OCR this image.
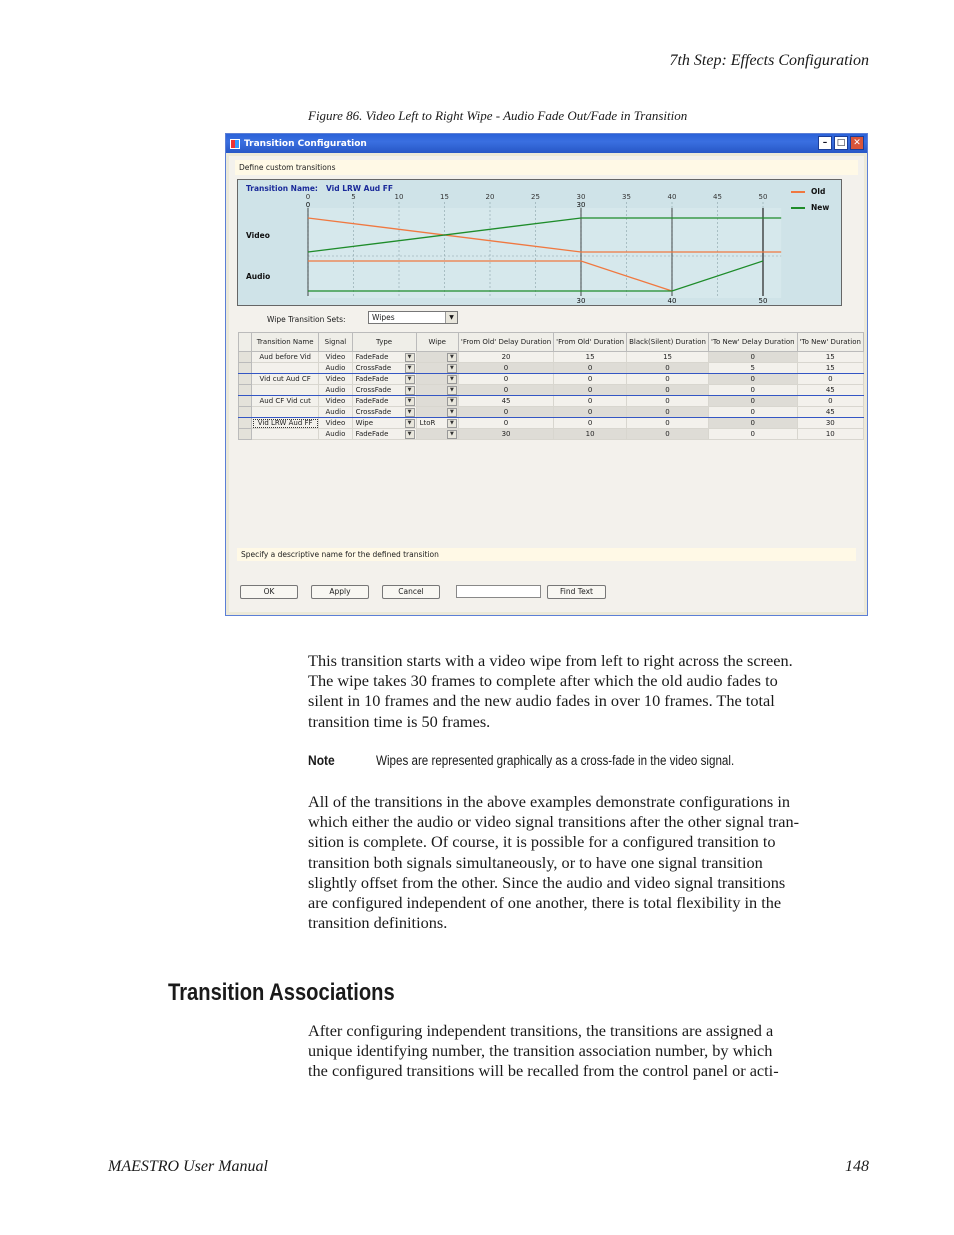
7th Step: Effects Configuration
Figure 86. Video Left to Right Wipe - Audio Fade Out/Fade in Transition
Transition Configuration	–	□ ✕
Define custom transitions
0	5	10	15	20	25	30	35	40	45	50
0	30
30	40	50
Transition Name: Vid LRW Aud FF
Video
Audio
Old
New
Wipe Transition Sets:	Wipes	▼
	Transition Name	Signal	Type	Wipe	'From Old' Delay Duration	'From Old' Duration	Black(Silent) Duration	'To New' Delay Duration	'To New' Duration
	Aud before Vid	Video	FadeFade ▼	▼	20	15	15	0	15
		Audio	CrossFade ▼	▼	0	0	0	5	15
	Vid cut Aud CF	Video	FadeFade ▼	▼	0	0	0	0	0
		Audio	CrossFade ▼	▼	0	0	0	0	45
	Aud CF Vid cut	Video	FadeFade ▼	▼	45	0	0	0	0
		Audio	CrossFade ▼	▼	0	0	0	0	45
	Vid LRW Aud FF	Video	Wipe ▼	LtoR ▼	0	0	0	0	30
		Audio	FadeFade ▼	▼	30	10	0	0	10
Specify a descriptive name for the defined transition
OK	Apply	Cancel	Find Text
This transition starts with a video wipe from left to right across the screen.
The wipe takes 30 frames to complete after which the old audio fades to
silent in 10 frames and the new audio fades in over 10 frames. The total
transition time is 50 frames.
Note	Wipes are represented graphically as a cross-fade in the video signal.
All of the transitions in the above examples demonstrate configurations in
which either the audio or video signal transitions after the other signal tran-
sition is complete. Of course, it is possible for a configured transition to
transition both signals simultaneously, or to have one signal transition
slightly offset from the other. Since the audio and video signal transitions
are configured independent of one another, there is total flexibility in the
transition definitions.
Transition Associations
After configuring independent transitions, the transitions are assigned a
unique identifying number, the transition association number, by which
the configured transitions will be recalled from the control panel or acti-
MAESTRO User Manual	148
